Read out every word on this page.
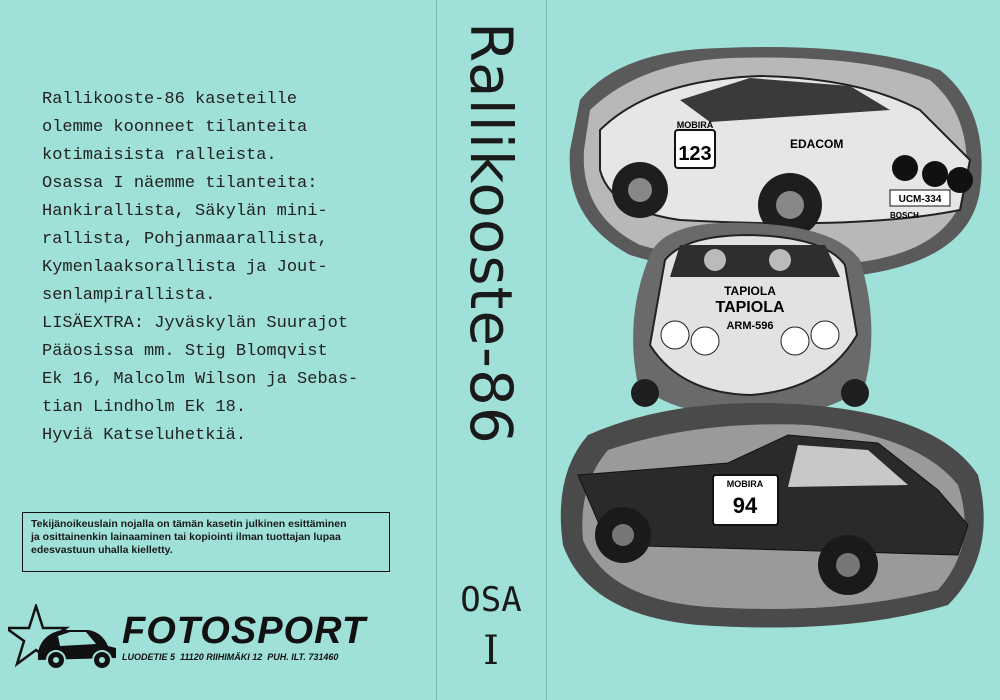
Rallikooste-86 kaseteille
olemme koonneet tilanteita
kotimaisista ralleista.
Osassa I näemme tilanteita:
Hankirallista, Säkylän mini-
rallista, Pohjanmaarallista,
Kymenlaaksorallista ja Jout-
senlampirallista.
LISÄEXTRA: Jyväskylän Suurajot
Pääosissa mm. Stig Blomqvist
Ek 16, Malcolm Wilson ja Sebas-
tian Lindholm Ek 18.
Hyviä Katseluhetkiä.
Tekijänoikeuslain nojalla on tämän kasetin julkinen esittäminen
ja osittainenkin lainaaminen tai kopiointi ilman tuottajan lupaa
edesvastuun uhalla kielletty.
FOTOSPORT
LUODETIE 5  11120 RIIHIMÄKI 12  PUH. ILT. 731460
Rallikooste-86
OSA
I
MOBIRA
123	EDACOM
UCM-334
BOSCH
TAPIOLA
TAPIOLA
ARM-596
MOBIRA
94
